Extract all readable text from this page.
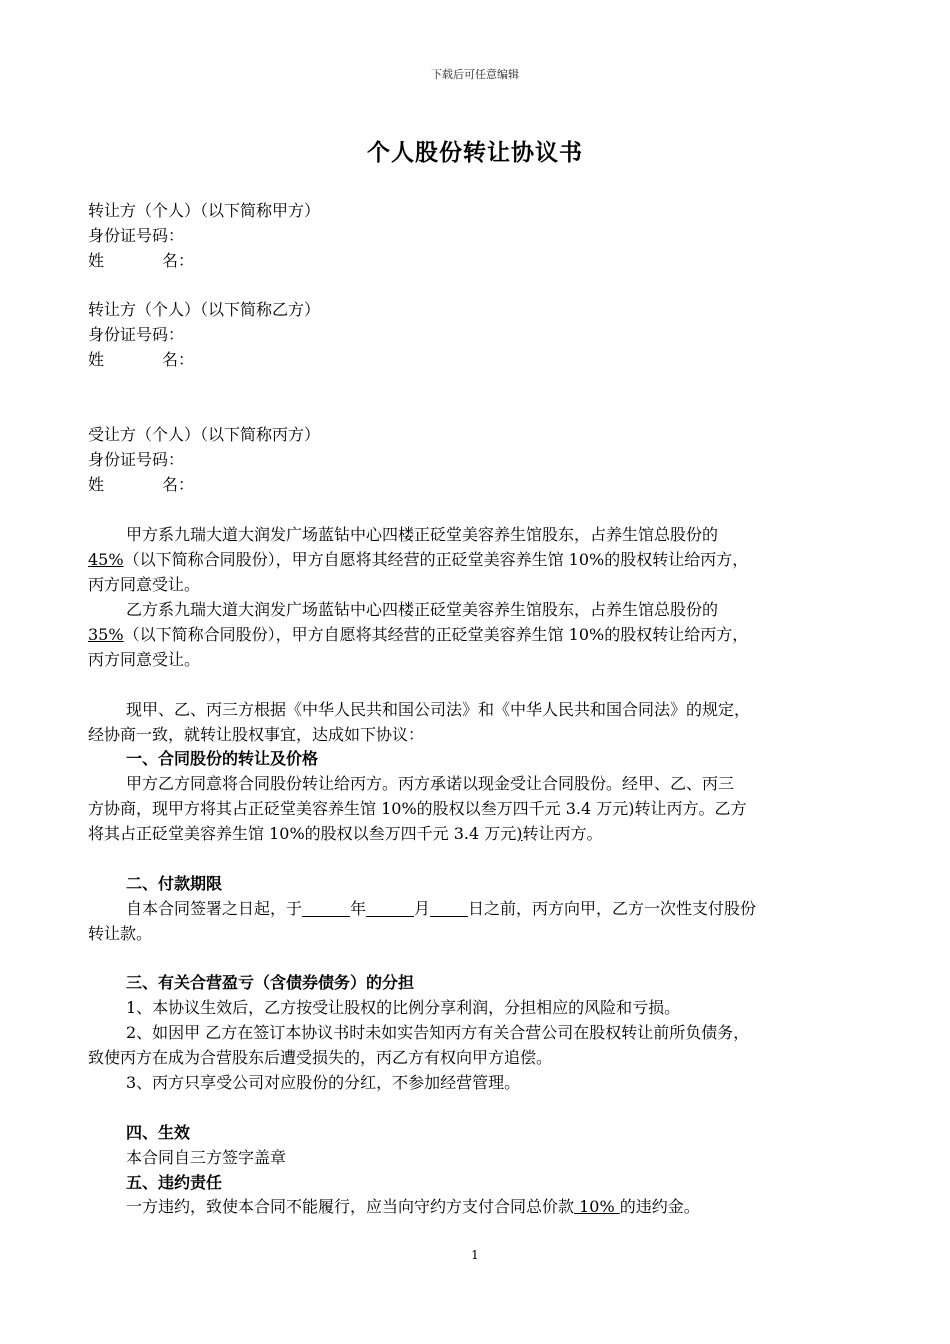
下载后可任意编辑
个人股份转让协议书
转让方（个人）（以下简称甲方）
身份证号码：
姓	名：
转让方（个人）（以下简称乙方）
身份证号码：
姓	名：
受让方（个人）（以下简称丙方）
身份证号码：
姓	名：
甲方系九瑞大道大润发广场蓝钻中心四楼正砭堂美容养生馆股东，占养生馆总股份的
45%（以下简称合同股份），甲方自愿将其经营的正砭堂美容养生馆 10%的股权转让给丙方，
丙方同意受让。
乙方系九瑞大道大润发广场蓝钻中心四楼正砭堂美容养生馆股东，占养生馆总股份的
35%（以下简称合同股份），甲方自愿将其经营的正砭堂美容养生馆 10%的股权转让给丙方，
丙方同意受让。
现甲、乙、丙三方根据《中华人民共和国公司法》和《中华人民共和国合同法》的规定，
经协商一致，就转让股权事宜，达成如下协议：
一、合同股份的转让及价格
甲方乙方同意将合同股份转让给丙方。丙方承诺以现金受让合同股份。经甲、乙、丙三
方协商，现甲方将其占正砭堂美容养生馆 10%的股权以叁万四千元 3.4 万元)转让丙方。乙方
将其占正砭堂美容养生馆 10%的股权以叁万四千元 3.4 万元)转让丙方。
二、付款期限
自本合同签署之日起，于	年	月 日之前，丙方向甲，乙方一次性支付股份
转让款。
三、有关合营盈亏（含债券债务）的分担
1、本协议生效后，乙方按受让股权的比例分享利润，分担相应的风险和亏损。
2、如因甲 乙方在签订本协议书时未如实告知丙方有关合营公司在股权转让前所负债务，
致使丙方在成为合营股东后遭受损失的，丙乙方有权向甲方追偿。
3、丙方只享受公司对应股份的分红，不参加经营管理。
四、生效
本合同自三方签字盖章
五、违约责任
一方违约，致使本合同不能履行，应当向守约方支付合同总价款 10% 的违约金。
1
